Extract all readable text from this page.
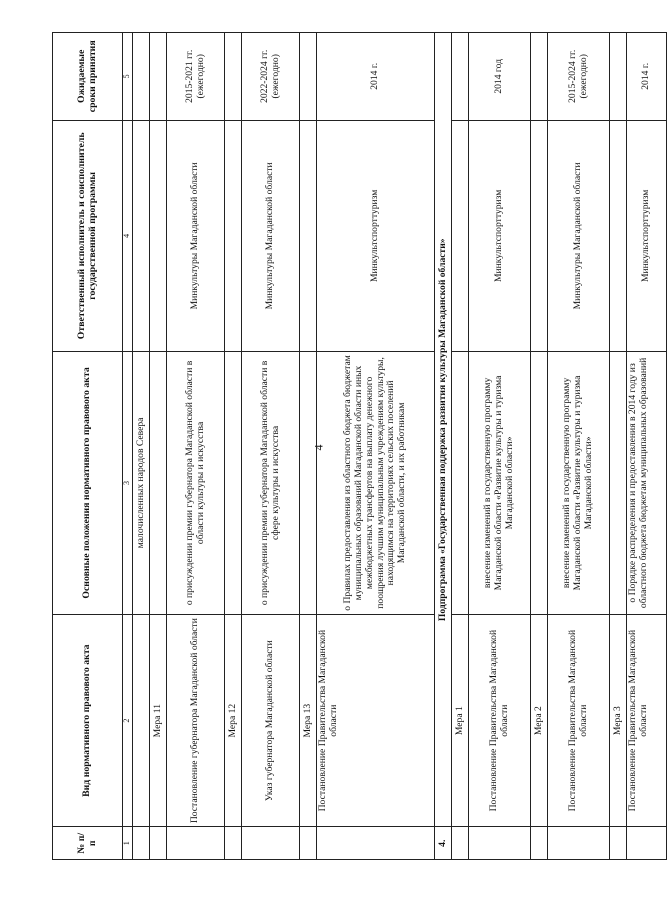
4
№ п/п	Вид нормативного правового акта	Основные положения нормативного правового акта	Ответственный исполнитель и соисполнитель государственной программы	Ожидаемые сроки принятия
1	2	3	4	5
		малочисленных народов Севера		
	Мера 11			
	Постановление губернатора Магаданской области	о присуждении премии губернатора Магаданской области в области культуры и искусства	Минкультуры Магаданской области	2015-2021 гг. (ежегодно)
	Мера 12			
	Указ губернатора Магаданской области	о присуждении премии губернатора Магаданской области в сфере культуры и искусства	Минкультуры Магаданской области	2022-2024 гг. (ежегодно)
	Мера 13			
	Постановление Правительства Магаданской области	о Правилах предоставления из областного бюджета бюджетам муниципальных образований Магаданской области иных межбюджетных трансфертов на выплату денежного поощрения лучшим муниципальным учреждениям культуры, находящимся на территориях сельских поселений Магаданской области, и их работникам	Минкультспорттуризм	2014 г.
4.	Подпрограмма «Государственная поддержка развития культуры Магаданской области»			
	Мера 1			
	Постановление Правительства Магаданской области	внесение изменений в государственную программу Магаданской области «Развитие культуры и туризма Магаданской области»	Минкультспорттуризм	2014 год
	Мера 2			
	Постановление Правительства Магаданской области	внесение изменений в государственную программу Магаданской области «Развитие культуры и туризма Магаданской области»	Минкультуры Магаданской области	2015-2024 гг. (ежегодно)
	Мера 3			
	Постановление Правительства Магаданской области	о Порядке распределения и предоставления в 2014 году из областного бюджета бюджетам муниципальных образований	Минкультспорттуризм	2014 г.
